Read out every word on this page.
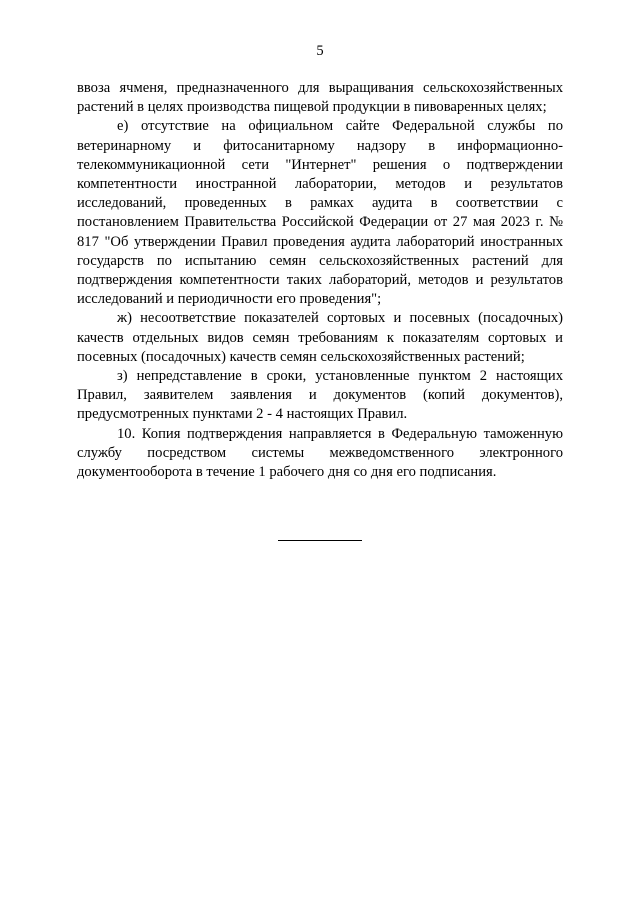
5

ввоза ячменя, предназначенного для выращивания сельскохозяйственных растений в целях производства пищевой продукции в пивоваренных целях;

е) отсутствие на официальном сайте Федеральной службы по ветеринарному и фитосанитарному надзору в информационно-телекоммуникационной сети "Интернет" решения о подтверждении компетентности иностранной лаборатории, методов и результатов исследований, проведенных в рамках аудита в соответствии с постановлением Правительства Российской Федерации от 27 мая 2023 г. № 817 "Об утверждении Правил проведения аудита лабораторий иностранных государств по испытанию семян сельскохозяйственных растений для подтверждения компетентности таких лабораторий, методов и результатов исследований и периодичности его проведения";

ж) несоответствие показателей сортовых и посевных (посадочных) качеств отдельных видов семян требованиям к показателям сортовых и посевных (посадочных) качеств семян сельскохозяйственных растений;

з) непредставление в сроки, установленные пунктом 2 настоящих Правил, заявителем заявления и документов (копий документов), предусмотренных пунктами 2 - 4 настоящих Правил.

10. Копия подтверждения направляется в Федеральную таможенную службу посредством системы межведомственного электронного документооборота в течение 1 рабочего дня со дня его подписания.
